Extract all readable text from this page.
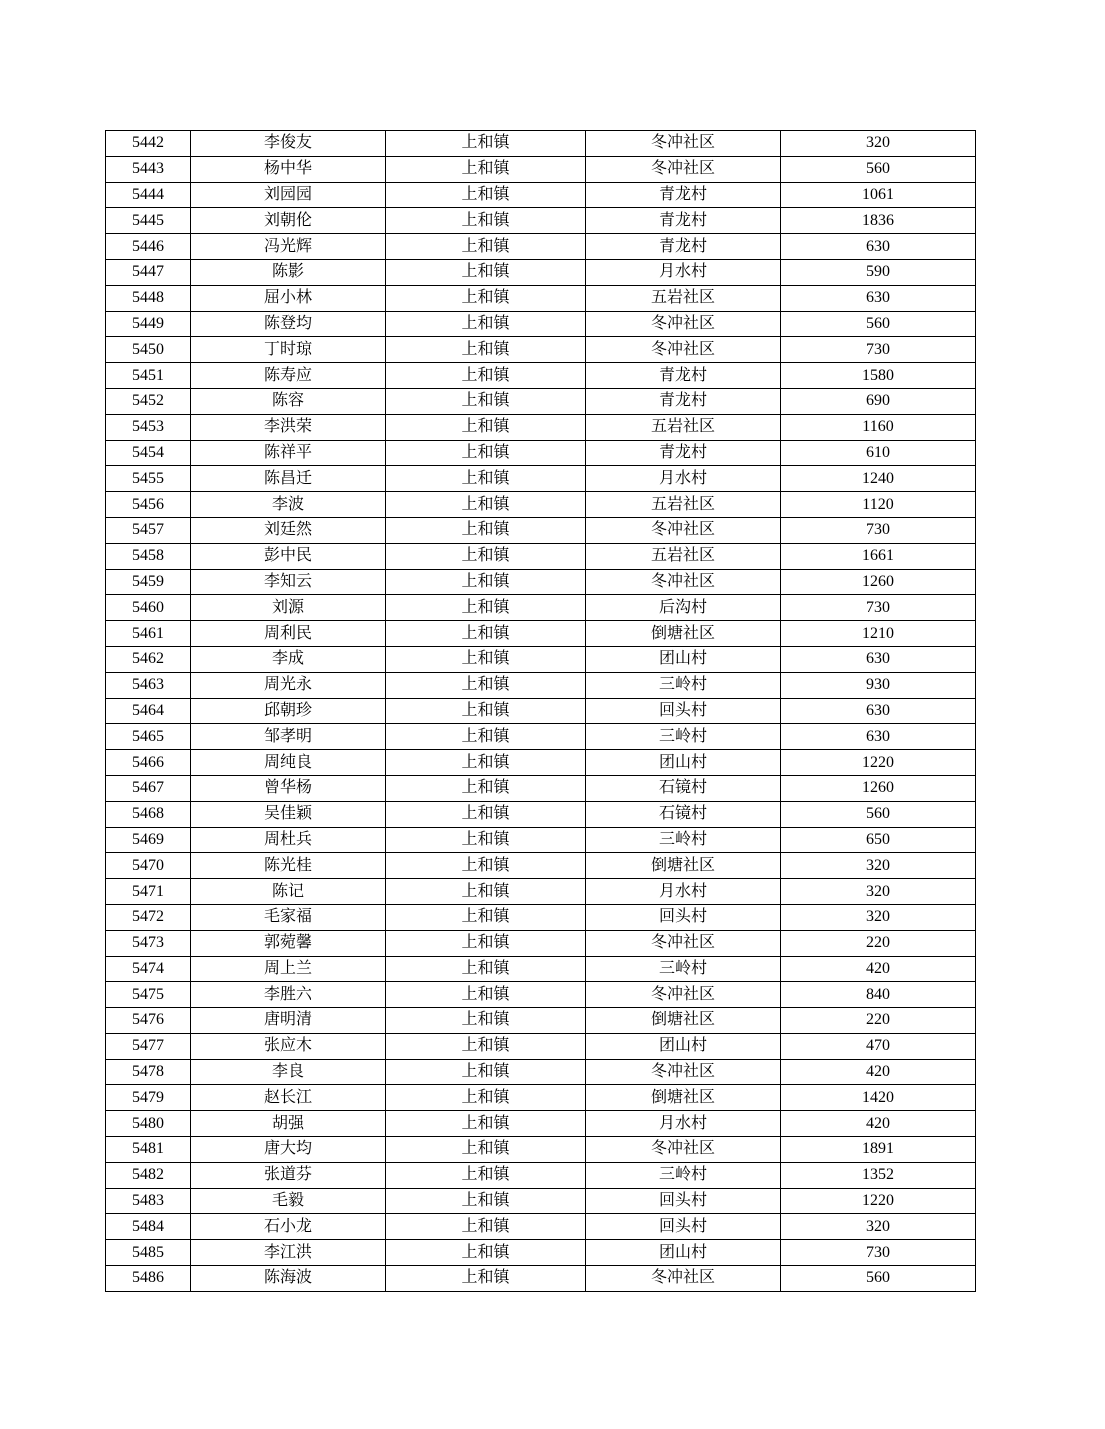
5442	李俊友	上和镇	冬冲社区	320
5443	杨中华	上和镇	冬冲社区	560
5444	刘园园	上和镇	青龙村	1061
5445	刘朝伦	上和镇	青龙村	1836
5446	冯光辉	上和镇	青龙村	630
5447	陈影	上和镇	月水村	590
5448	屈小林	上和镇	五岩社区	630
5449	陈登均	上和镇	冬冲社区	560
5450	丁时琼	上和镇	冬冲社区	730
5451	陈寿应	上和镇	青龙村	1580
5452	陈容	上和镇	青龙村	690
5453	李洪荣	上和镇	五岩社区	1160
5454	陈祥平	上和镇	青龙村	610
5455	陈昌迁	上和镇	月水村	1240
5456	李波	上和镇	五岩社区	1120
5457	刘廷然	上和镇	冬冲社区	730
5458	彭中民	上和镇	五岩社区	1661
5459	李知云	上和镇	冬冲社区	1260
5460	刘源	上和镇	后沟村	730
5461	周利民	上和镇	倒塘社区	1210
5462	李成	上和镇	团山村	630
5463	周光永	上和镇	三岭村	930
5464	邱朝珍	上和镇	回头村	630
5465	邹孝明	上和镇	三岭村	630
5466	周纯良	上和镇	团山村	1220
5467	曾华杨	上和镇	石镜村	1260
5468	吴佳颖	上和镇	石镜村	560
5469	周杜兵	上和镇	三岭村	650
5470	陈光桂	上和镇	倒塘社区	320
5471	陈记	上和镇	月水村	320
5472	毛家福	上和镇	回头村	320
5473	郭菀馨	上和镇	冬冲社区	220
5474	周上兰	上和镇	三岭村	420
5475	李胜六	上和镇	冬冲社区	840
5476	唐明清	上和镇	倒塘社区	220
5477	张应木	上和镇	团山村	470
5478	李良	上和镇	冬冲社区	420
5479	赵长江	上和镇	倒塘社区	1420
5480	胡强	上和镇	月水村	420
5481	唐大均	上和镇	冬冲社区	1891
5482	张道芬	上和镇	三岭村	1352
5483	毛毅	上和镇	回头村	1220
5484	石小龙	上和镇	回头村	320
5485	李江洪	上和镇	团山村	730
5486	陈海波	上和镇	冬冲社区	560
